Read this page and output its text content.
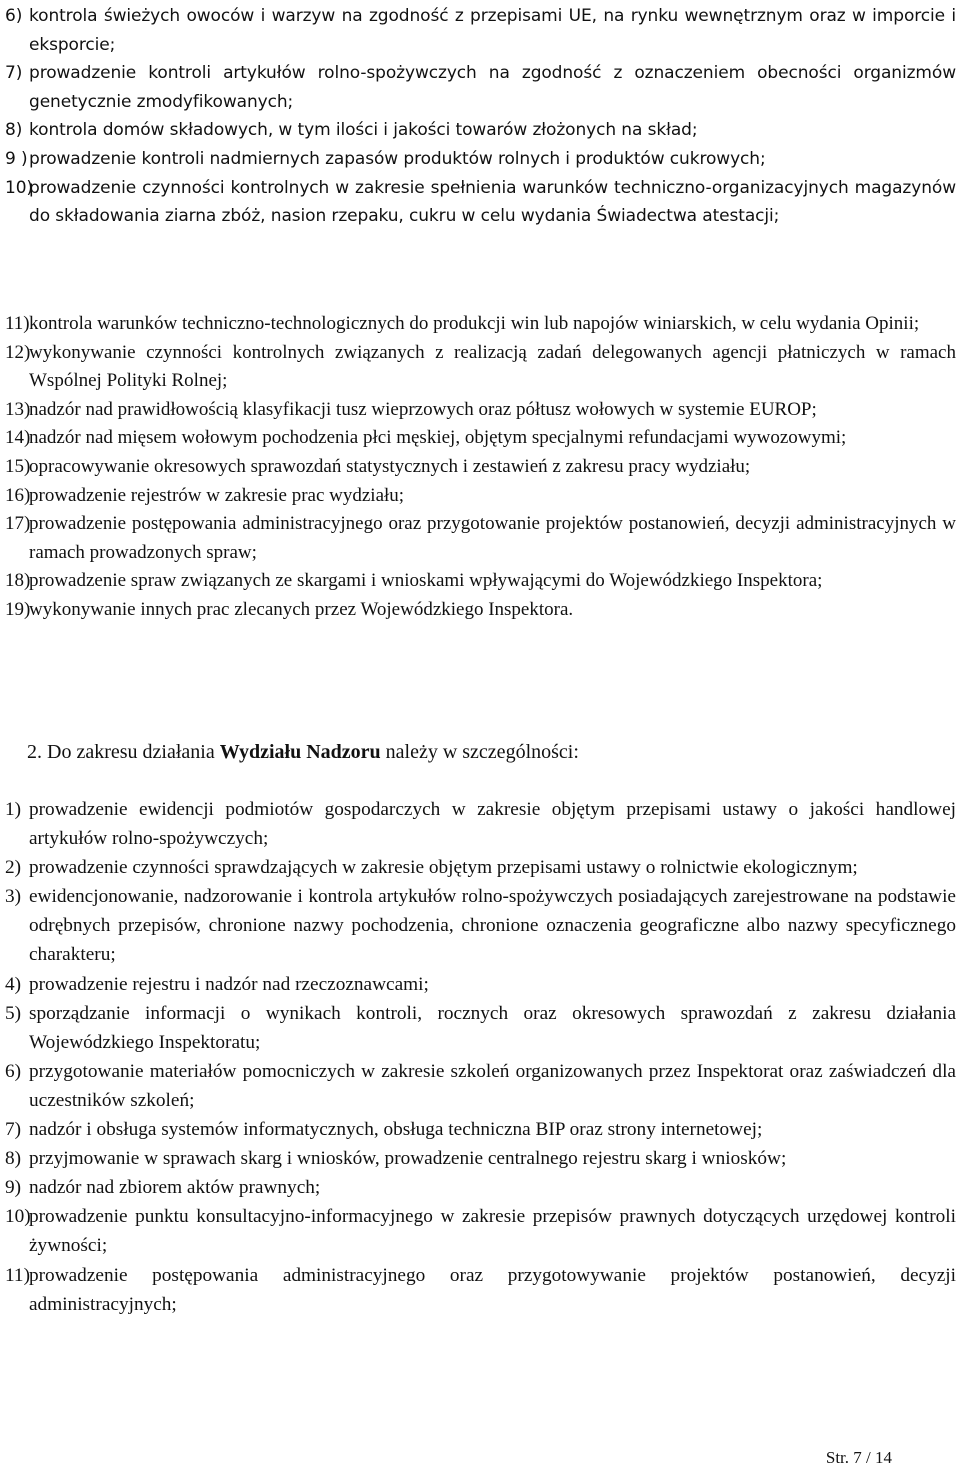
6) kontrola świeżych owoców i warzyw na zgodność z przepisami UE, na rynku wewnętrznym oraz w imporcie i eksporcie;
7) prowadzenie kontroli artykułów rolno-spożywczych na zgodność z oznaczeniem obecności organizmów genetycznie zmodyfikowanych;
8) kontrola domów składowych, w tym ilości i jakości towarów złożonych na skład;
9 ) prowadzenie kontroli nadmiernych zapasów produktów rolnych i produktów cukrowych;
10)
prowadzenie czynności kontrolnych w zakresie spełnienia warunków techniczno-organizacyjnych magazynów do składowania ziarna zbóż, nasion rzepaku, cukru w celu wydania Świadectwa atestacji;
11) kontrola warunków techniczno-technologicznych do produkcji win lub napojów winiarskich, w celu wydania Opinii;
12)
wykonywanie czynności kontrolnych związanych z realizacją zadań delegowanych agencji płatniczych w ramach Wspólnej Polityki Rolnej;
13)
nadzór nad prawidłowością klasyfikacji tusz wieprzowych oraz półtusz wołowych w systemie EUROP;
14)
nadzór nad mięsem wołowym pochodzenia płci męskiej, objętym specjalnymi refundacjami wywozowymi;
15)
opracowywanie okresowych sprawozdań statystycznych i zestawień z zakresu pracy wydziału;
16)
prowadzenie rejestrów w zakresie prac wydziału;
17)
prowadzenie postępowania administracyjnego oraz przygotowanie projektów postanowień, decyzji administracyjnych w ramach prowadzonych spraw;
18)
prowadzenie spraw związanych ze skargami i wnioskami wpływającymi do Wojewódzkiego Inspektora;
19)
wykonywanie innych prac zlecanych przez Wojewódzkiego Inspektora.

2. Do zakresu działania Wydziału Nadzoru należy w szczególności:

1) prowadzenie ewidencji podmiotów gospodarczych w zakresie objętym przepisami ustawy o jakości handlowej artykułów rolno-spożywczych;
2) prowadzenie czynności sprawdzających w zakresie objętym przepisami ustawy o rolnictwie ekologicznym;
3) ewidencjonowanie, nadzorowanie i kontrola artykułów rolno-spożywczych posiadających zarejestrowane na podstawie odrębnych przepisów, chronione nazwy pochodzenia, chronione oznaczenia geograficzne albo nazwy specyficznego charakteru;
4) prowadzenie rejestru i nadzór nad rzeczoznawcami;
5) sporządzanie informacji o wynikach kontroli, rocznych oraz okresowych sprawozdań z zakresu działania Wojewódzkiego Inspektoratu;
6) przygotowanie materiałów pomocniczych w zakresie szkoleń organizowanych przez Inspektorat oraz zaświadczeń dla uczestników szkoleń;
7) nadzór i obsługa systemów informatycznych, obsługa techniczna BIP oraz strony internetowej;
8) przyjmowanie w sprawach skarg i wniosków, prowadzenie centralnego rejestru skarg i wniosków;
9) nadzór nad zbiorem aktów prawnych;
10)
prowadzenie punktu konsultacyjno-informacyjnego w zakresie przepisów prawnych dotyczących urzędowej kontroli żywności;
11) prowadzenie postępowania administracyjnego oraz przygotowywanie projektów postanowień, decyzji administracyjnych;
Str. 7 / 14
